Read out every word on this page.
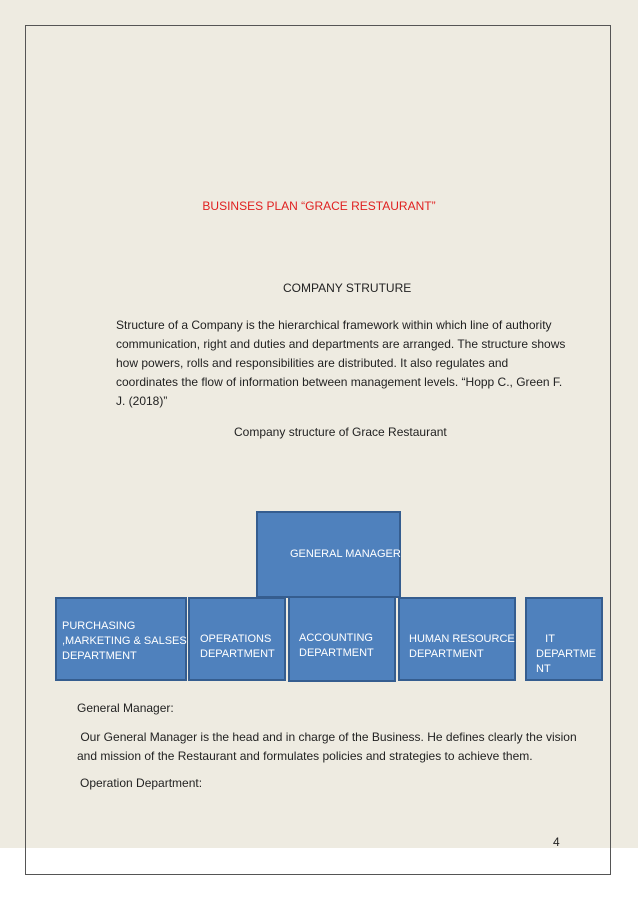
BUSINSES PLAN “GRACE RESTAURANT”
COMPANY STRUTURE
Structure of a Company is the hierarchical framework within which line of authority communication, right and duties and departments are arranged. The structure shows how powers, rolls and responsibilities are distributed. It also regulates and coordinates the flow of information between management levels. “Hopp C., Green F. J. (2018)”
Company structure of Grace Restaurant
GENERAL MANAGER
PURCHASING
,MARKETING & SALSES
DEPARTMENT
OPERATIONS
DEPARTMENT
ACCOUNTING
DEPARTMENT
HUMAN RESOURCE
DEPARTMENT
IT
DEPARTME
NT
General Manager:
Our General Manager is the head and in charge of the Business. He defines clearly the vision and mission of the Restaurant and formulates policies and strategies to achieve them.
Operation Department:
4
